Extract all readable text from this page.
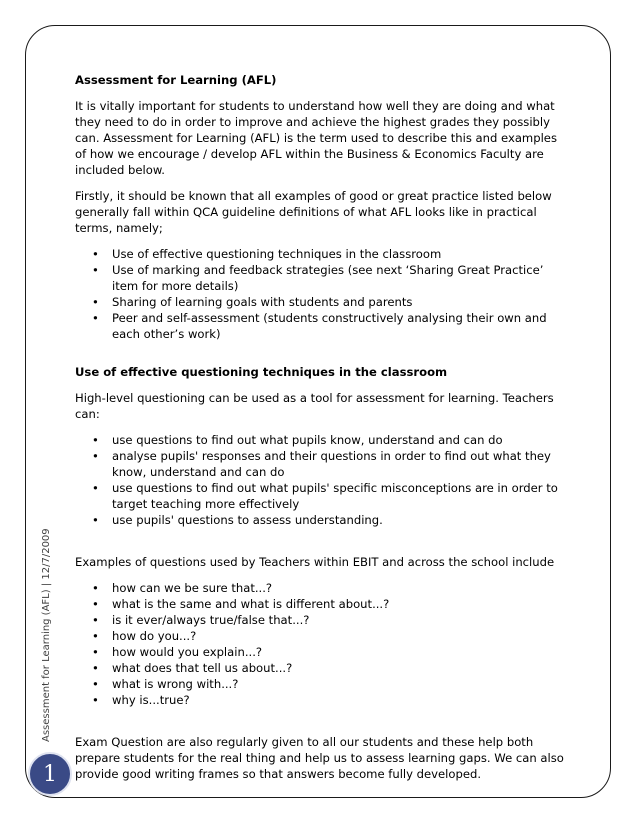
Assessment for Learning (AFL)

It is vitally important for students to understand how well they are doing and what they need to do in order to improve and achieve the highest grades they possibly can. Assessment for Learning (AFL) is the term used to describe this and examples of how we encourage / develop AFL within the Business & Economics Faculty are included below.

Firstly, it should be known that all examples of good or great practice listed below generally fall within QCA guideline definitions of what AFL looks like in practical terms, namely;

• Use of effective questioning techniques in the classroom
• Use of marking and feedback strategies (see next ‘Sharing Great Practice’ item for more details)
• Sharing of learning goals with students and parents
• Peer and self-assessment (students constructively analysing their own and each other’s work)
Use of effective questioning techniques in the classroom

High-level questioning can be used as a tool for assessment for learning. Teachers can:

• use questions to find out what pupils know, understand and can do
• analyse pupils' responses and their questions in order to find out what they know, understand and can do
• use questions to find out what pupils' specific misconceptions are in order to target teaching more effectively
• use pupils' questions to assess understanding.

Examples of questions used by Teachers within EBIT and across the school include

• how can we be sure that...?
• what is the same and what is different about...?
• is it ever/always true/false that...?
• how do you...?
• how would you explain...?
• what does that tell us about...?
• what is wrong with...?
• why is...true?

Exam Question are also regularly given to all our students and these help both prepare students for the real thing and help us to assess learning gaps. We can also provide good writing frames so that answers become fully developed.

Assessment for Learning (AFL) | 12/7/2009
1
